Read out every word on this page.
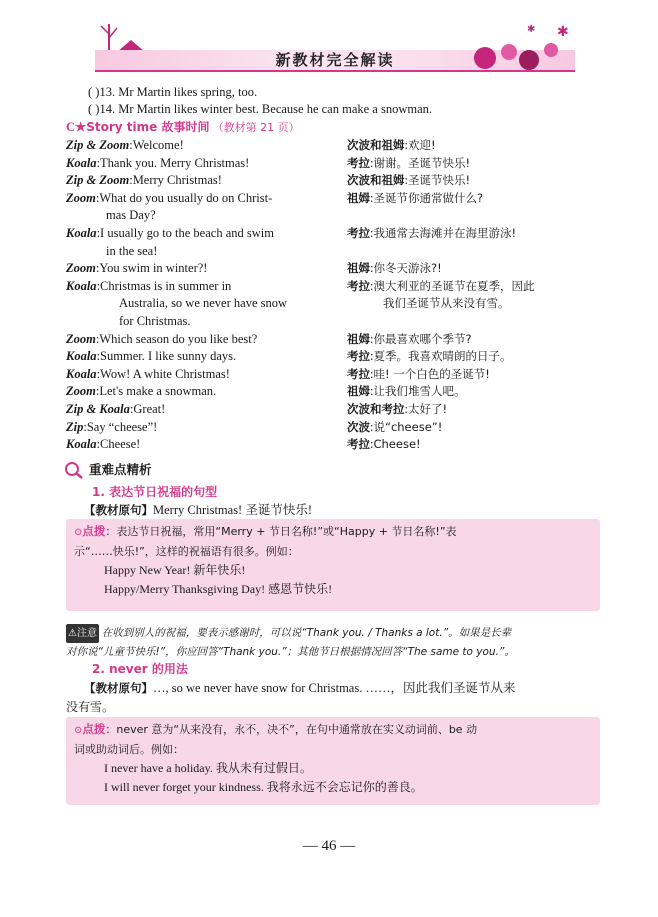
新教材完全解读
✱
✱
( )13. Mr Martin likes spring, too.
( )14. Mr Martin likes winter best. Because he can make a snowman.
C★Story time 故事时间 （教材第 21 页）
Zip & Zoom:Welcome!
Koala:Thank you. Merry Christmas!
Zip & Zoom:Merry Christmas!
Zoom:What do you usually do on Christ-
mas Day?
Koala:I usually go to the beach and swim
in the sea!
Zoom:You swim in winter?!
Koala:Christmas is in summer in
Australia, so we never have snow
for Christmas.
Zoom:Which season do you like best?
Koala:Summer. I like sunny days.
Koala:Wow! A white Christmas!
Zoom:Let's make a snowman.
Zip & Koala:Great!
Zip:Say “cheese”!
Koala:Cheese!
次波和祖姆:欢迎!
考拉:谢谢。圣诞节快乐!
次波和祖姆:圣诞节快乐!
祖姆:圣诞节你通常做什么?
考拉:我通常去海滩并在海里游泳!
祖姆:你冬天游泳?!
考拉:澳大利亚的圣诞节在夏季，因此
我们圣诞节从来没有雪。
祖姆:你最喜欢哪个季节?
考拉:夏季。我喜欢晴朗的日子。
考拉:哇! 一个白色的圣诞节!
祖姆:让我们堆雪人吧。
次波和考拉:太好了!
次波:说“cheese”!
考拉:Cheese!
重难点精析
1. 表达节日祝福的句型
【教材原句】Merry Christmas! 圣诞节快乐!
⊙点拨：表达节日祝福，常用“Merry + 节日名称!”或“Happy + 节日名称!”表
示“……快乐!”，这样的祝福语有很多。例如：
Happy New Year! 新年快乐!
Happy/Merry Thanksgiving Day! 感恩节快乐!
⚠注意 在收到别人的祝福，要表示感谢时，可以说“Thank you. / Thanks a lot.”。如果是长辈
对你说“儿童节快乐!”，你应回答“Thank you.”；其他节日根据情况回答“The same to you.”。
2. never 的用法
【教材原句】…, so we never have snow for Christmas. ……，因此我们圣诞节从来
没有雪。
⊙点拨：never 意为“从来没有，永不，决不”，在句中通常放在实义动词前、be 动
词或助动词后。例如：
I never have a holiday. 我从未有过假日。
I will never forget your kindness. 我将永远不会忘记你的善良。
— 46 —
